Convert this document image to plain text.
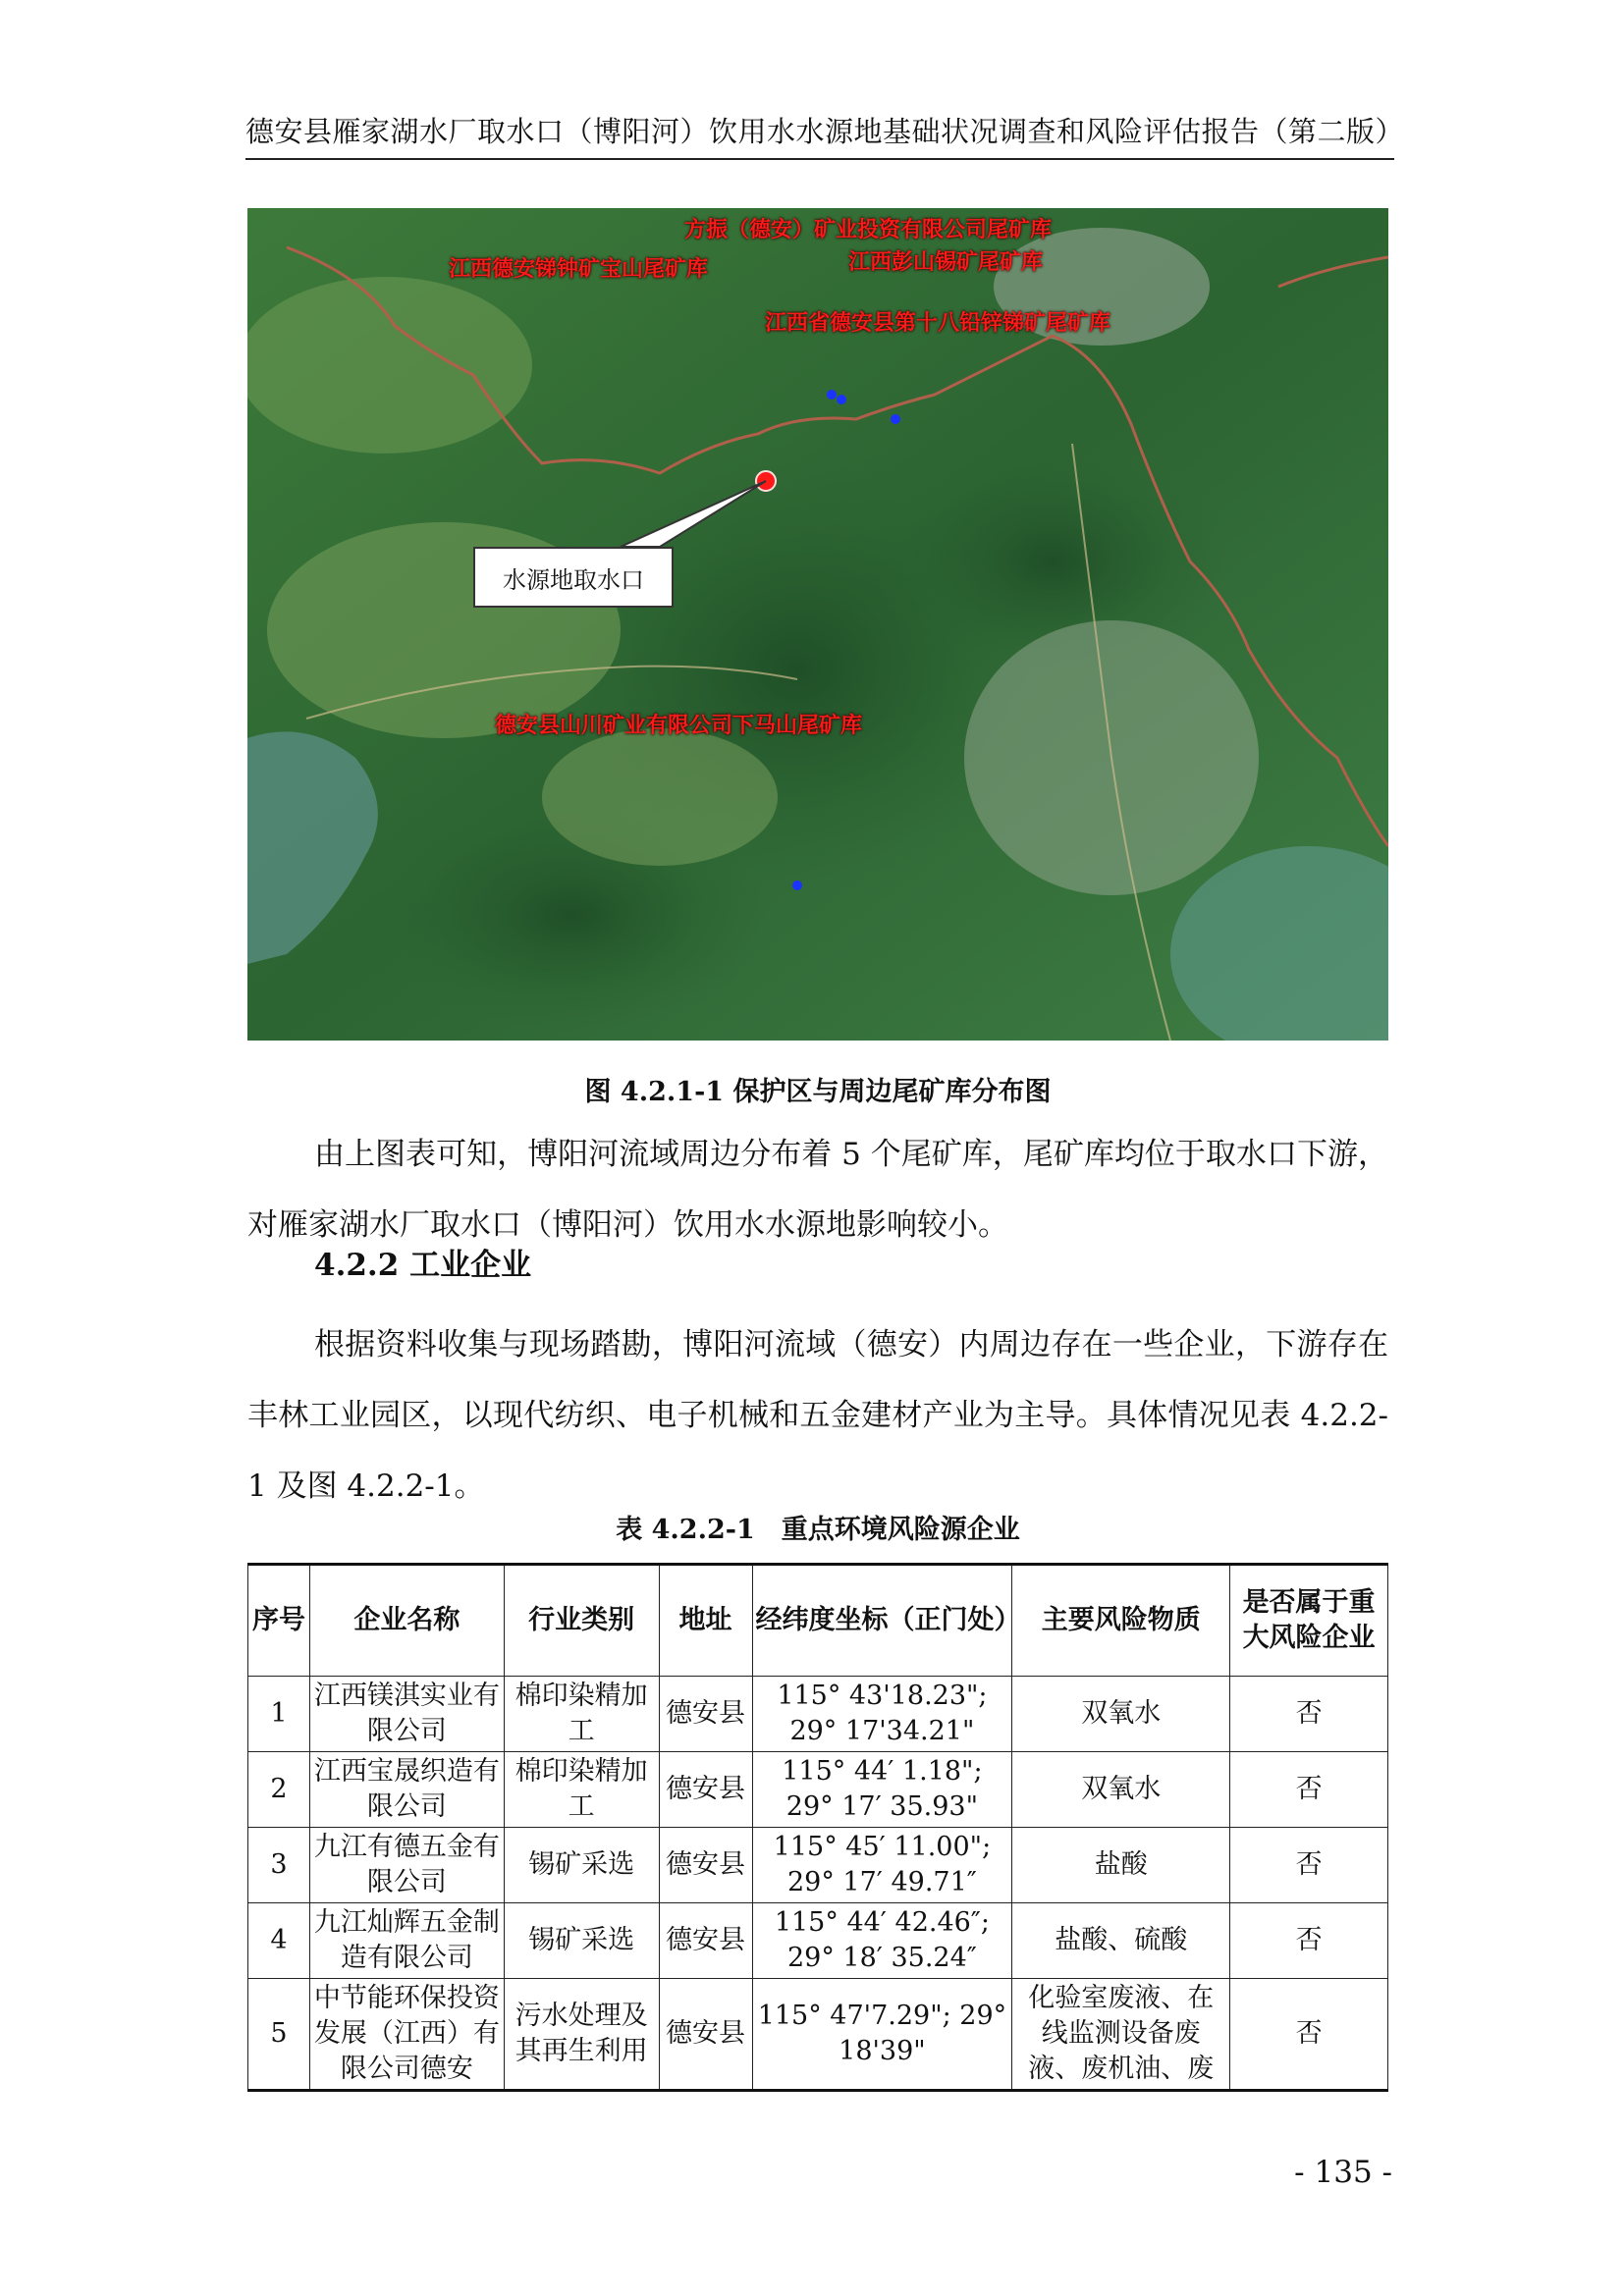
德安县雁家湖水厂取水口（博阳河）饮用水水源地基础状况调查和风险评估报告（第二版）
方振（德安）矿业投资有限公司尾矿库
江西德安锑钟矿宝山尾矿库	江西彭山锡矿尾矿库
江西省德安县第十八铅锌锑矿尾矿库
德安县山川矿业有限公司下马山尾矿库
水源地取水口
图 4.2.1-1 保护区与周边尾矿库分布图

由上图表可知，博阳河流域周边分布着 5 个尾矿库，尾矿库均位于取水口下游，对雁家湖水厂取水口（博阳河）饮用水水源地影响较小。

4.2.2 工业企业

根据资料收集与现场踏勘，博阳河流域（德安）内周边存在一些企业，下游存在丰林工业园区，以现代纺织、电子机械和五金建材产业为主导。具体情况见表 4.2.2-1 及图 4.2.2-1。

表 4.2.2-1　重点环境风险源企业
序号	企业名称	行业类别	地址	经纬度坐标（正门处）	主要风险物质	是否属于重大风险企业
1	江西镁淇实业有限公司	棉印染精加工	德安县	115° 43'18.23"; 29° 17'34.21"	双氧水	否
2	江西宝晟织造有限公司	棉印染精加工	德安县	115° 44′ 1.18"; 29° 17′ 35.93"	双氧水	否
3	九江有德五金有限公司	锡矿采选	德安县	115° 45′ 11.00"; 29° 17′ 49.71″	盐酸	否
4	九江灿辉五金制造有限公司	锡矿采选	德安县	115° 44′ 42.46″; 29° 18′ 35.24″	盐酸、硫酸	否
5	中节能环保投资发展（江西）有限公司德安	污水处理及其再生利用	德安县	115° 47'7.29"; 29° 18'39"	化验室废液、在线监测设备废液、废机油、废	否
- 135 -
